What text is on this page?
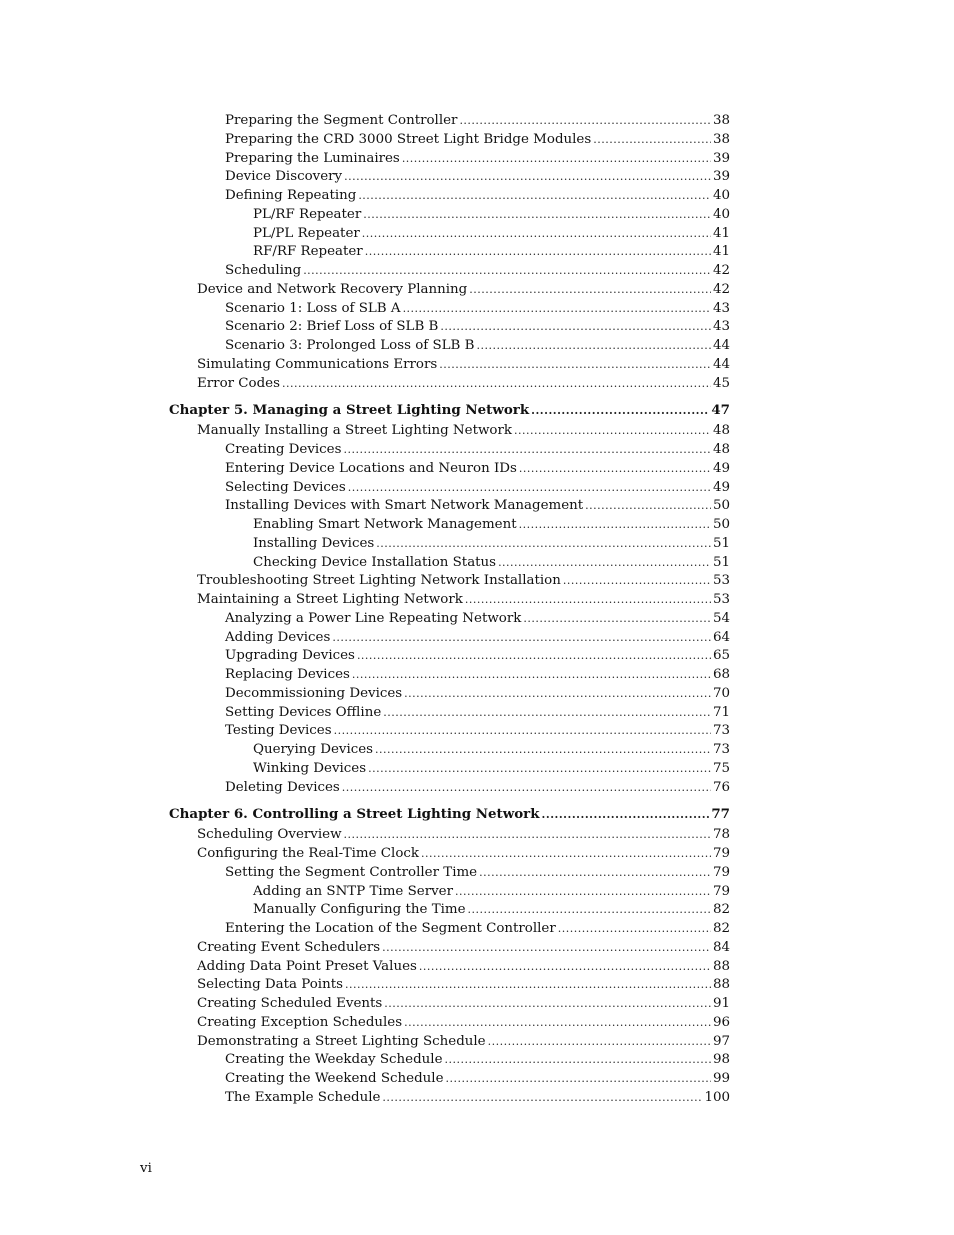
Preparing the Segment Controller .....	38
Preparing the CRD 3000 Street Light Bridge Modules .....	38
Preparing the Luminaires .....	39
Device Discovery .....	39
Defining Repeating .....	40
PL/RF Repeater .....	40
PL/PL Repeater .....	41
RF/RF Repeater .....	41
Scheduling .....	42
Device and Network Recovery Planning .....	42
Scenario 1: Loss of SLB A .....	43
Scenario 2: Brief Loss of SLB B .....	43
Scenario 3: Prolonged Loss of SLB B .....	44
Simulating Communications Errors .....	44
Error Codes .....	45
Chapter 5. Managing a Street Lighting Network .....	47
Manually Installing a Street Lighting Network .....	48
Creating Devices .....	48
Entering Device Locations and Neuron IDs .....	49
Selecting Devices .....	49
Installing Devices with Smart Network Management .....	50
Enabling Smart Network Management .....	50
Installing Devices .....	51
Checking Device Installation Status .....	51
Troubleshooting Street Lighting Network Installation .....	53
Maintaining a Street Lighting Network .....	53
Analyzing a Power Line Repeating Network .....	54
Adding Devices .....	64
Upgrading Devices .....	65
Replacing Devices .....	68
Decommissioning Devices .....	70
Setting Devices Offline .....	71
Testing Devices .....	73
Querying Devices .....	73
Winking Devices .....	75
Deleting Devices .....	76
Chapter 6. Controlling a Street Lighting Network .....	77
Scheduling Overview .....	78
Configuring the Real-Time Clock .....	79
Setting the Segment Controller Time .....	79
Adding an SNTP Time Server .....	79
Manually Configuring the Time .....	82
Entering the Location of the Segment Controller .....	82
Creating Event Schedulers .....	84
Adding Data Point Preset Values .....	88
Selecting Data Points .....	88
Creating Scheduled Events .....	91
Creating Exception Schedules .....	96
Demonstrating a Street Lighting Schedule .....	97
Creating the Weekday Schedule .....	98
Creating the Weekend Schedule .....	99
The Example Schedule .....	100
vi
